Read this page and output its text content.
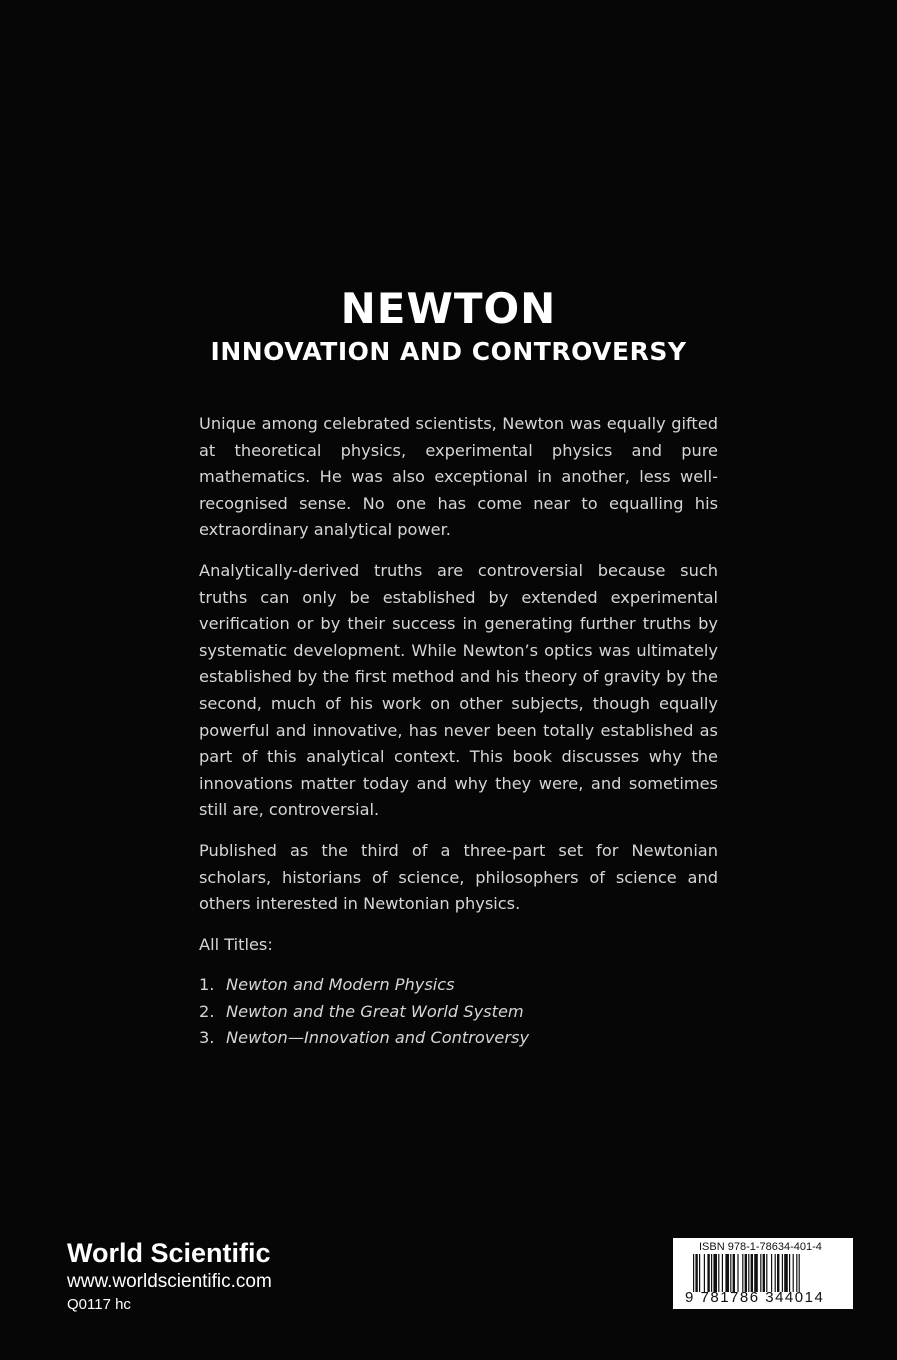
NEWTON
INNOVATION AND CONTROVERSY

Unique among celebrated scientists, Newton was equally gifted at theoretical physics, experimental physics and pure mathematics. He was also exceptional in another, less well-recognised sense. No one has come near to equalling his extraordinary analytical power.

Analytically-derived truths are controversial because such truths can only be established by extended experimental verification or by their success in generating further truths by systematic development. While Newton’s optics was ultimately established by the first method and his theory of gravity by the second, much of his work on other subjects, though equally powerful and innovative, has never been totally established as part of this analytical context. This book discusses why the innovations matter today and why they were, and sometimes still are, controversial.

Published as the third of a three-part set for Newtonian scholars, historians of science, philosophers of science and others interested in Newtonian physics.

All Titles:

1. Newton and Modern Physics
2. Newton and the Great World System
3. Newton—Innovation and Controversy
World Scientific
www.worldscientific.com
Q0117 hc
ISBN 978-1-78634-401-4
9 781786 344014
